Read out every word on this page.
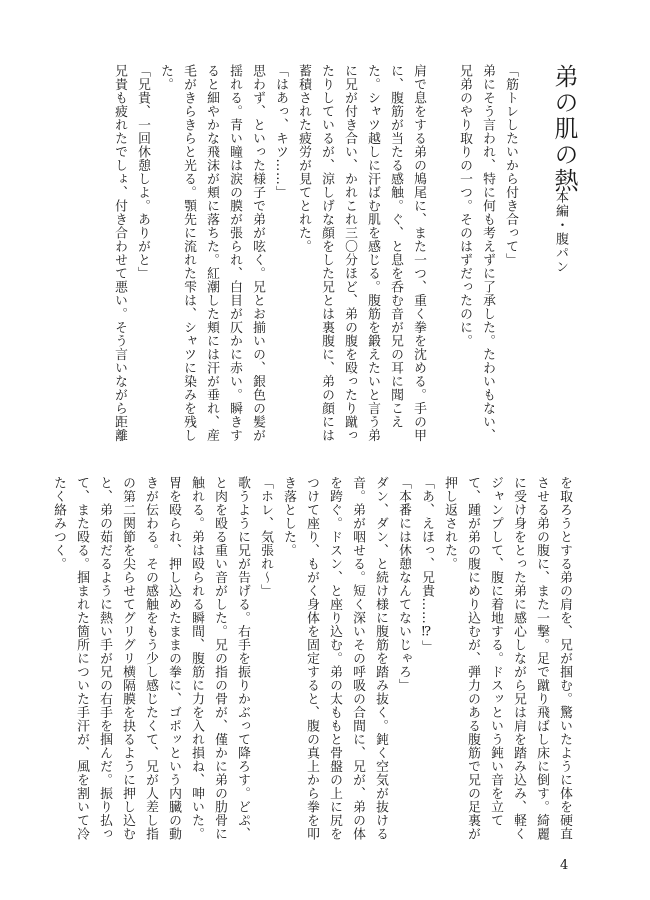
弟の肌の熱
本編・腹パン

「筋トレしたいから付き合って」

弟にそう言われ、特に何も考えずに了承した。たわいもない、兄弟のやり取りの一つ。そのはずだったのに。

肩で息をする弟の鳩尾に、また一つ、重く拳を沈める。手の甲に、腹筋が当たる感触。ぐ、と息を呑む音が兄の耳に聞こえた。シャツ越しに汗ばむ肌を感じる。腹筋を鍛えたいと言う弟に兄が付き合い、かれこれ三〇分ほど、弟の腹を殴ったり蹴ったりしているが、涼しげな顔をした兄とは裏腹に、弟の顔には蓄積された疲労が見てとれた。

「はあっ、キツ……」

思わず、といった様子で弟が呟く。兄とお揃いの、銀色の髪が揺れる。青い瞳は涙の膜が張られ、白目が仄かに赤い。瞬きすると細やかな飛沫が頬に落ちた。紅潮した頬には汗が垂れ、産毛がきらきらと光る。顎先に流れた雫は、シャツに染みを残した。

「兄貴、一回休憩しよ。ありがと」

兄貴も疲れたでしょ、付き合わせて悪い。そう言いながら距離

を取ろうとする弟の肩を、兄が掴む。驚いたように体を硬直させる弟の腹に、また一撃。足で蹴り飛ばし床に倒す。綺麗に受け身をとった弟に感心しながら兄は肩を踏み込み、軽くジャンプして、腹に着地する。ドスッという鈍い音を立てて、踵が弟の腹にめり込むが、弾力のある腹筋で兄の足裏が押し返された。

「あ、えほっ、兄貴……⁉」

「本番には休憩なんてないじゃろ」

ダン、ダン、と続け様に腹筋を踏み抜く。鈍く空気が抜ける音。弟が咽せる。短く深いその呼吸の合間に、兄が、弟の体を跨ぐ。ドスン、と座り込む。弟の太ももと骨盤の上に尻をつけて座り、もがく身体を固定すると、腹の真上から拳を叩き落とした。

「ホレ、気張れ〜」

歌うように兄が告げる。右手を振りかぶって降ろす。どぷ、と肉を殴る重い音がした。兄の指の骨が、僅かに弟の肋骨に触れる。弟は殴られる瞬間、腹筋に力を入れ損ね、呻いた。胃を殴られ、押し込めたままの拳に、ゴポッという内臓の動きが伝わる。その感触をもう少し感じたくて、兄が人差し指の第二関節を尖らせてグリグリ横隔膜を抉るように押し込むと、弟の茹だるように熱い手が兄の右手を掴んだ。振り払って、また殴る。掴まれた箇所についた手汗が、風を割いて冷たく絡みつく。

4
